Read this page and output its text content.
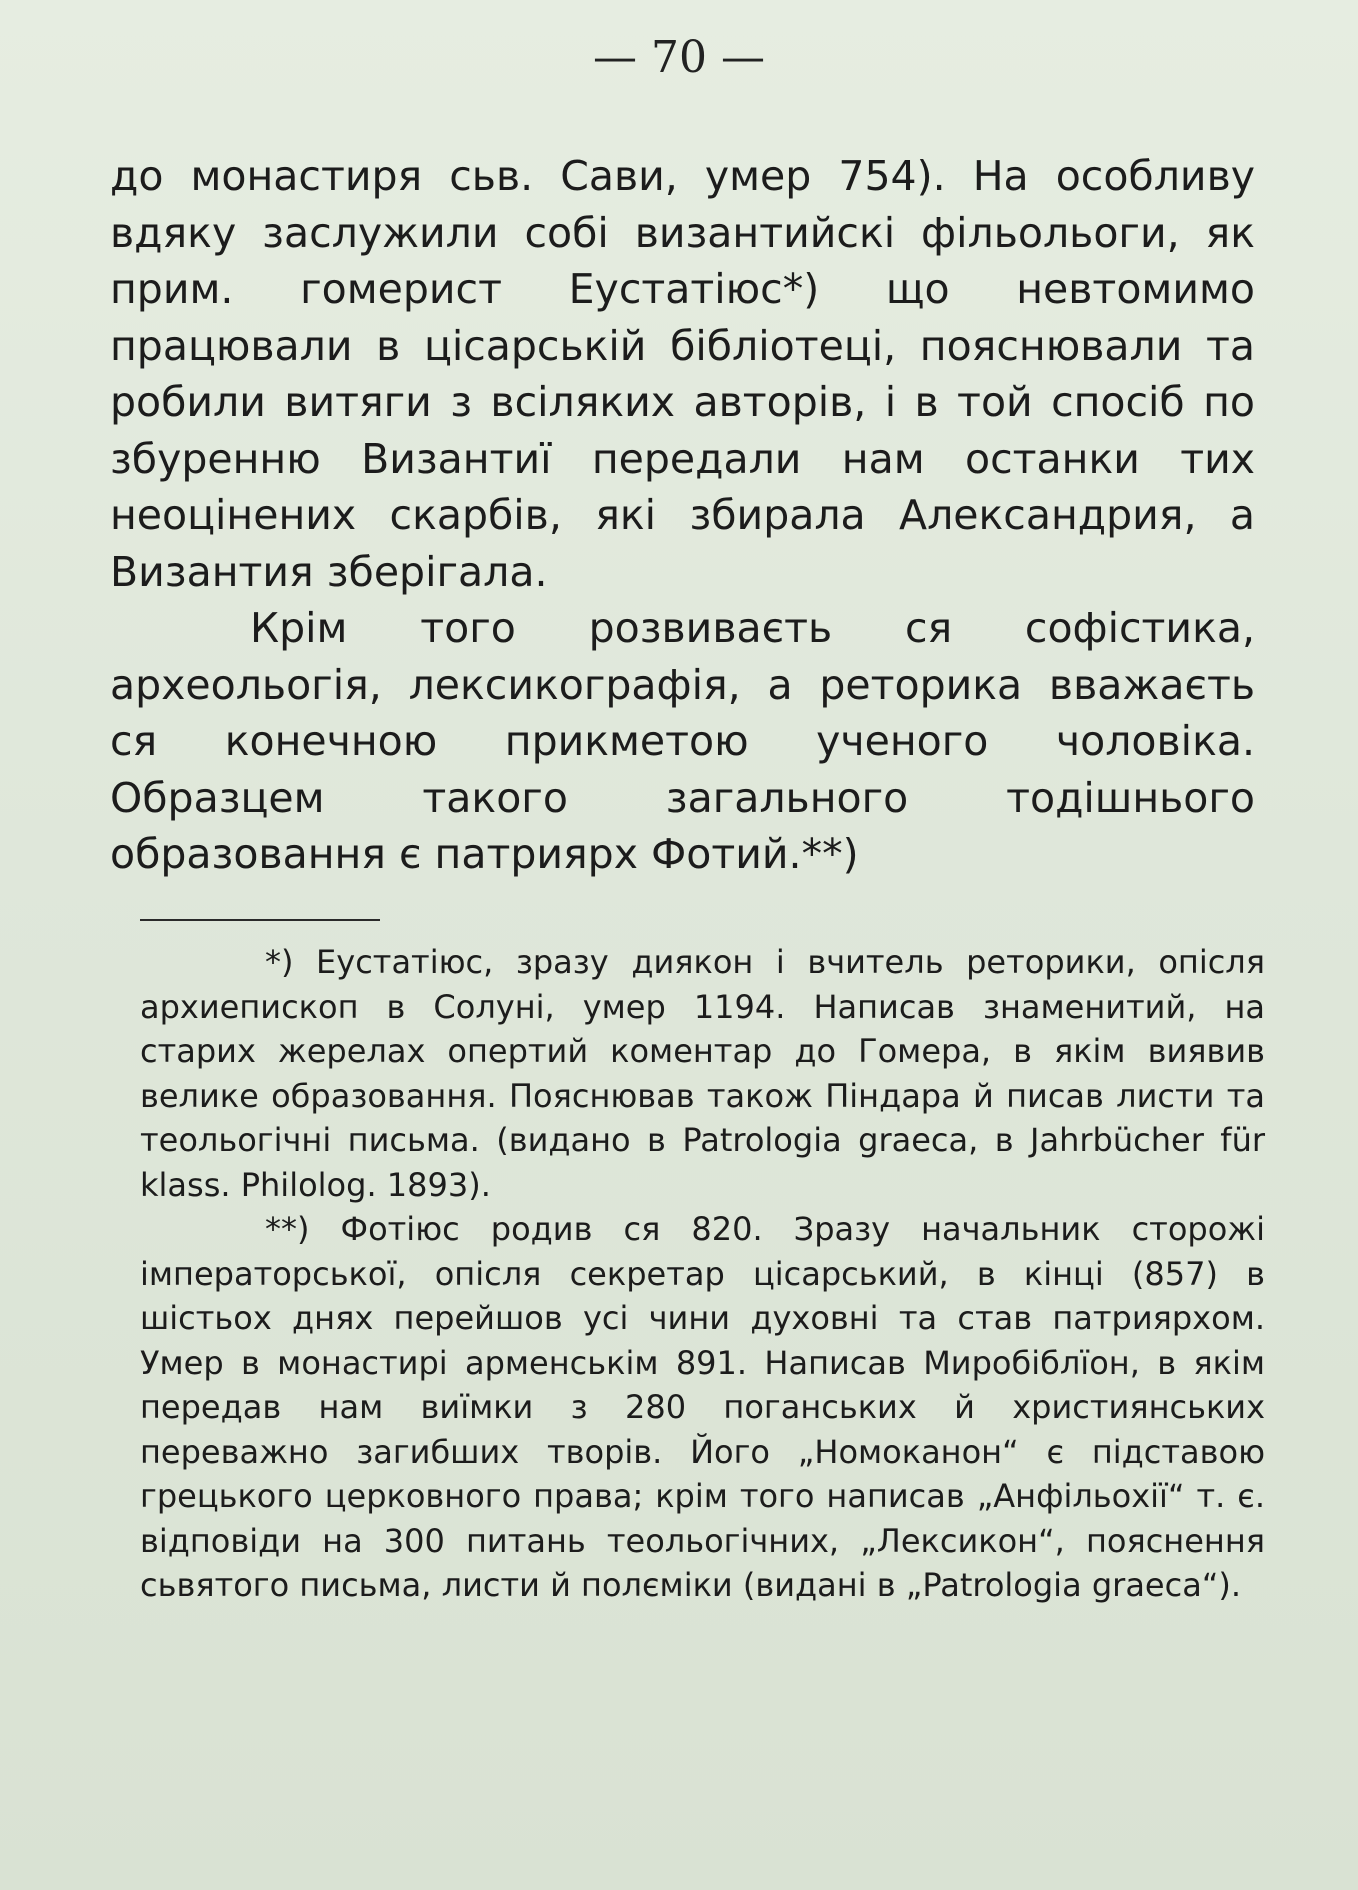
— 70 —

до монастиря сьв. Сави, умер 754). На особливу вдяку заслужили собі византийскі фільольоги, як прим. гомерист Еустатіюс*) що невтомимо працювали в цісарській бібліотеці, пояснювали та робили витяги з всіляких авторів, і в той спосіб по збуренню Византиї передали нам останки тих неоцінених скарбів, які збирала Александрия, а Византия зберігала.

Крім того розвиваєть ся софістика, археольогія, лексикографія, а реторика вважаєть ся конечною прикметою ученого чоловіка. Образцем такого загального тодішнього образовання є патриярх Фотий.**)

*) Еустатіюс, зразу диякон і вчитель реторики, опісля архиепископ в Солуні, умер 1194. Написав знаменитий, на старих жерелах опертий коментар до Гомера, в якім виявив велике образовання. Пояснював також Піндара й писав листи та теольогічні письма. (видано в Patrologia graeca, в Jahrbücher für klass. Philolog. 1893).

**) Фотіюс родив ся 820. Зразу начальник сторожі імператорської, опісля секретар цісарський, в кінці (857) в шістьох днях перейшов усі чини духовні та став патриярхом. Умер в монастирі арменськім 891. Написав Миробіблїон, в якім передав нам виїмки з 280 поганських й християнських переважно загибших творів. Його „Номоканон“ є підставою грецького церковного права; крім того написав „Анфільохії“ т. є. відповіди на 300 питань теольогічних, „Лексикон“, пояснення сьвятого письма, листи й полєміки (видані в „Patrologia graeca“).
